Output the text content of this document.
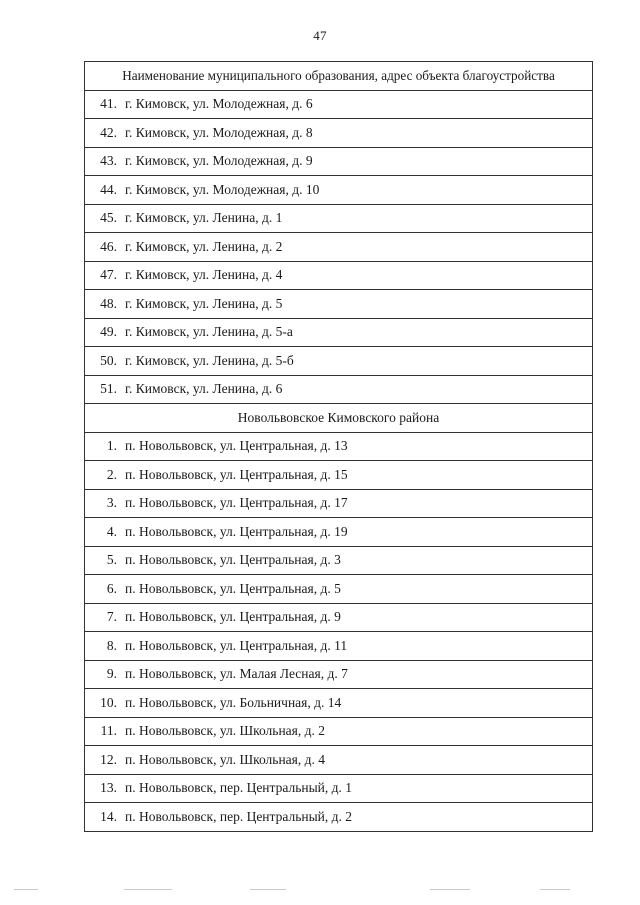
47
Наименование муниципального образования, адрес объекта благоустройства
41. г. Кимовск, ул. Молодежная, д. 6
42. г. Кимовск, ул. Молодежная, д. 8
43. г. Кимовск, ул. Молодежная, д. 9
44. г. Кимовск, ул. Молодежная, д. 10
45. г. Кимовск, ул. Ленина, д. 1
46. г. Кимовск, ул. Ленина, д. 2
47. г. Кимовск, ул. Ленина, д. 4
48. г. Кимовск, ул. Ленина, д. 5
49. г. Кимовск, ул. Ленина, д. 5-а
50. г. Кимовск, ул. Ленина, д. 5-б
51. г. Кимовск, ул. Ленина, д. 6
Новольвовское Кимовского района
1. п. Новольвовск, ул. Центральная, д. 13
2. п. Новольвовск, ул. Центральная, д. 15
3. п. Новольвовск, ул. Центральная, д. 17
4. п. Новольвовск, ул. Центральная, д. 19
5. п. Новольвовск, ул. Центральная, д. 3
6. п. Новольвовск, ул. Центральная, д. 5
7. п. Новольвовск, ул. Центральная, д. 9
8. п. Новольвовск, ул. Центральная, д. 11
9. п. Новольвовск, ул. Малая Лесная, д. 7
10. п. Новольвовск, ул. Больничная, д. 14
11. п. Новольвовск, ул. Школьная, д. 2
12. п. Новольвовск, ул. Школьная, д. 4
13. п. Новольвовск, пер. Центральный, д. 1
14. п. Новольвовск, пер. Центральный, д. 2
